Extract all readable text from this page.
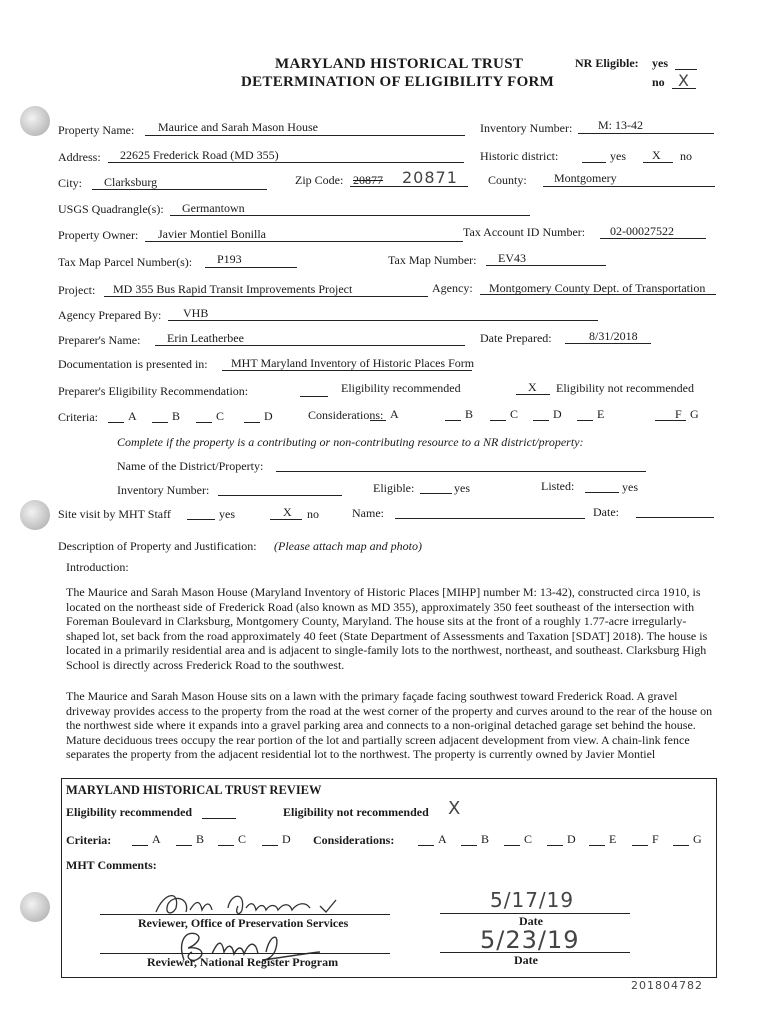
MARYLAND HISTORICAL TRUST
DETERMINATION OF ELIGIBILITY FORM
NR Eligible: yes
no X
Property Name: Maurice and Sarah Mason House	Inventory Number: M: 13-42
Address: 22625 Frederick Road (MD 355)	Historic district:	yes X no
City: Clarksburg	Zip Code: 20877 20871	County: Montgomery
USGS Quadrangle(s): Germantown
Property Owner: Javier Montiel Bonilla	Tax Account ID Number: 02-00027522
Tax Map Parcel Number(s): P193	Tax Map Number: EV43
Project: MD 355 Bus Rapid Transit Improvements Project	Agency: Montgomery County Dept. of Transportation
Agency Prepared By: VHB
Preparer's Name: Erin Leatherbee	Date Prepared:	8/31/2018
Documentation is presented in: MHT Maryland Inventory of Historic Places Form
Preparer's Eligibility Recommendation:	Eligibility recommended	X Eligibility not recommended
Criteria:	A	B	C	D	Considerations: A	B	C	D	E	F G
Complete if the property is a contributing or non-contributing resource to a NR district/property:
Name of the District/Property:
Inventory Number:	Eligible:	yes	Listed:	yes
Site visit by MHT Staff	yes	X no	Name:	Date:
Description of Property and Justification: (Please attach map and photo)
Introduction:
The Maurice and Sarah Mason House (Maryland Inventory of Historic Places [MIHP] number M: 13-42), constructed circa 1910, is located on the northeast side of Frederick Road (also known as MD 355), approximately 350 feet southeast of the intersection with Foreman Boulevard in Clarksburg, Montgomery County, Maryland. The house sits at the front of a roughly 1.77-acre irregularly-shaped lot, set back from the road approximately 40 feet (State Department of Assessments and Taxation [SDAT] 2018). The house is located in a primarily residential area and is adjacent to single-family lots to the northwest, northeast, and southeast. Clarksburg High School is directly across Frederick Road to the southwest.
The Maurice and Sarah Mason House sits on a lawn with the primary façade facing southwest toward Frederick Road. A gravel driveway provides access to the property from the road at the west corner of the property and curves around to the rear of the house on the northwest side where it expands into a gravel parking area and connects to a non-original detached garage set behind the house. Mature deciduous trees occupy the rear portion of the lot and partially screen adjacent development from view. A chain-link fence separates the property from the adjacent residential lot to the northwest. The property is currently owned by Javier Montiel
MARYLAND HISTORICAL TRUST REVIEW
Eligibility recommended	Eligibility not recommended X
Criteria:	A	B	C	D Considerations:	A	B	C	D	E	F	G
MHT Comments:
Reviewer, Office of Preservation Services
5/17/19
Date
Reviewer, National Register Program
5/23/19
Date
201804782
